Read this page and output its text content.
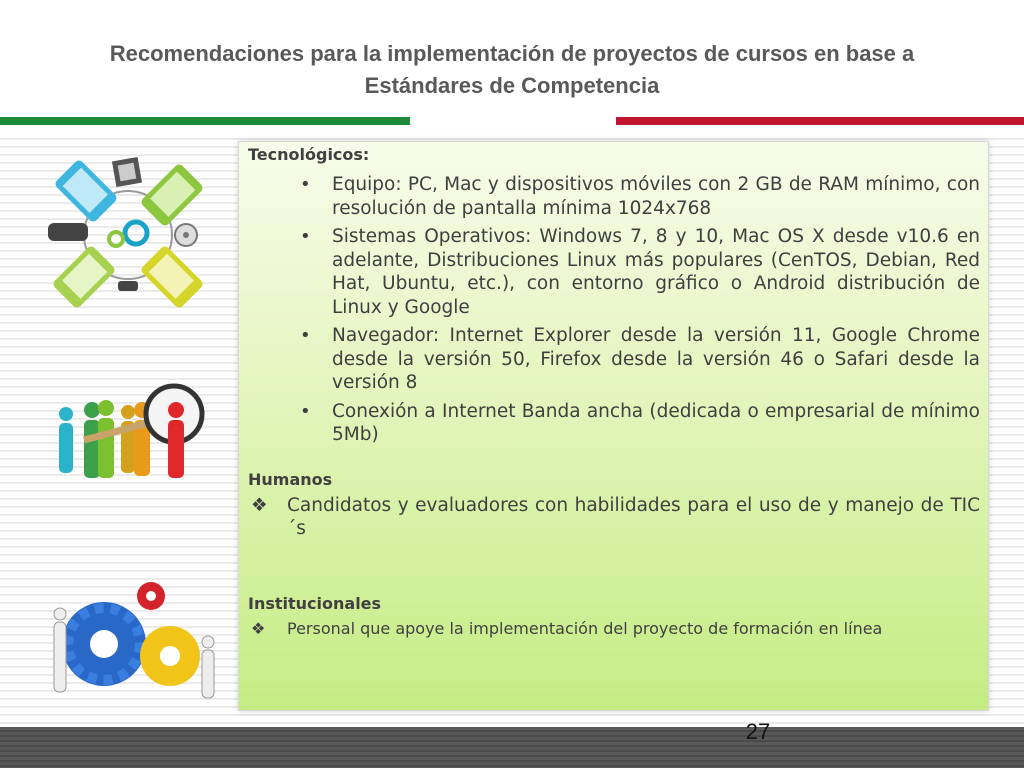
Recomendaciones para la implementación de proyectos de cursos en base a
Estándares de Competencia
Tecnológicos:
• Equipo: PC, Mac y dispositivos móviles con 2 GB de RAM mínimo, con resolución de pantalla mínima 1024x768
• Sistemas Operativos: Windows 7, 8 y 10, Mac OS X desde v10.6 en adelante, Distribuciones Linux más populares (CenTOS, Debian, Red Hat, Ubuntu, etc.), con entorno gráfico o Android distribución de Linux y Google
• Navegador: Internet Explorer desde la versión 11, Google Chrome desde la versión 50, Firefox desde la versión 46 o Safari desde la versión 8
• Conexión a Internet Banda ancha (dedicada o empresarial de mínimo 5Mb)
Humanos
❖ Candidatos y evaluadores con habilidades para el uso de y manejo de TIC´s
Institucionales
❖ Personal que apoye la implementación del proyecto de formación en línea
27
